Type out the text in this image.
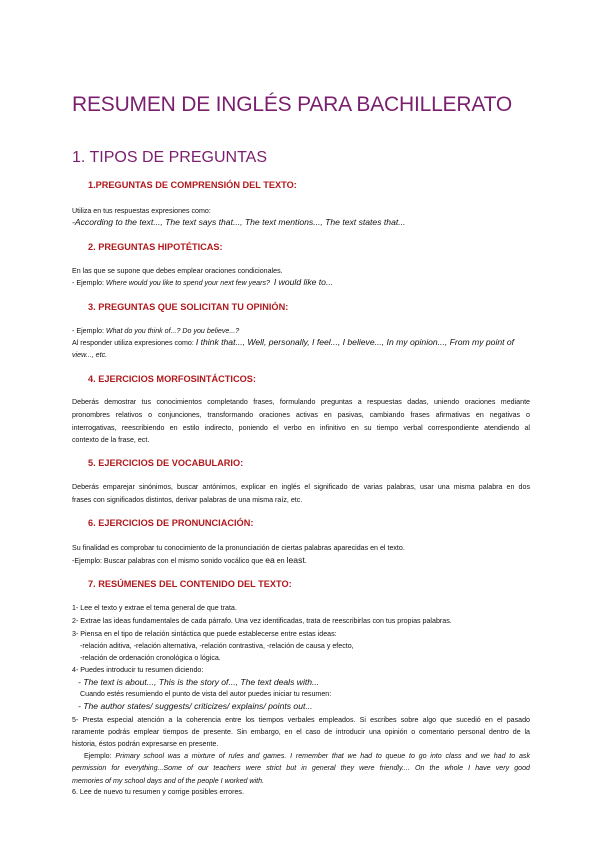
RESUMEN DE INGLÉS PARA BACHILLERATO
1. TIPOS DE PREGUNTAS
1.PREGUNTAS DE COMPRENSIÓN DEL TEXTO:
Utiliza en tus respuestas expresiones como:
-According to the text..., The text says that..., The text mentions..., The text states that...
2. PREGUNTAS HIPOTÉTICAS:
En las que se supone que debes emplear oraciones condicionales.
- Ejemplo: Where would you like to spend your next few years? I would like to...
3. PREGUNTAS QUE SOLICITAN TU OPINIÓN:
- Ejemplo: What do you think of...? Do you believe...?
Al responder utiliza expresiones como: I think that..., Well, personally, I feel..., I believe..., In my opinion..., From my point of
view..., etc.
4. EJERCICIOS MORFOSINTÁCTICOS:
Deberás demostrar tus conocimientos completando frases, formulando preguntas a respuestas dadas, uniendo oraciones mediante
pronombres relativos o conjunciones, transformando oraciones activas en pasivas, cambiando frases afirmativas en negativas o
interrogativas, reescribiendo en estilo indirecto, poniendo el verbo en infinitivo en su tiempo verbal correspondiente atendiendo al
contexto de la frase, ect.
5. EJERCICIOS DE VOCABULARIO:
Deberás emparejar sinónimos, buscar antónimos, explicar en inglés el significado de varias palabras, usar una misma palabra en dos
frases con significados distintos, derivar palabras de una misma raíz, etc.
6. EJERCICIOS DE PRONUNCIACIÓN:
Su finalidad es comprobar tu conocimiento de la pronunciación de ciertas palabras aparecidas en el texto.
-Ejemplo: Buscar palabras con el mismo sonido vocálico que ea en least.
7. RESÚMENES DEL CONTENIDO DEL TEXTO:
1- Lee el texto y extrae el tema general de que trata.
2- Extrae las ideas fundamentales de cada párrafo. Una vez identificadas, trata de reescribirlas con tus propias palabras.
3- Piensa en el tipo de relación sintáctica que puede establecerse entre estas ideas:
-relación aditiva, -relación alternativa, -relación contrastiva, -relación de causa y efecto,
-relación de ordenación cronológica o lógica.
4- Puedes introducir tu resumen diciendo:
- The text is about..., This is the story of..., The text deals with...
Cuando estés resumiendo el punto de vista del autor puedes iniciar tu resumen:
- The author states/ suggests/ criticizes/ explains/ points out...
5- Presta especial atención a la coherencia entre los tiempos verbales empleados. Si escribes sobre algo que sucedió en el pasado
raramente podrás emplear tiempos de presente. Sin embargo, en el caso de introducir una opinión o comentario personal dentro de la
historia, éstos podrán expresarse en presente.
Ejemplo: Primary school was a mixture of rules and games. I remember that we had to queue to go into class and we had to ask
permission for everything...Some of our teachers were strict but in general they were friendly.... On the whole I have very good
memories of my school days and of the people I worked with.
6. Lee de nuevo tu resumen y corrige posibles errores.
